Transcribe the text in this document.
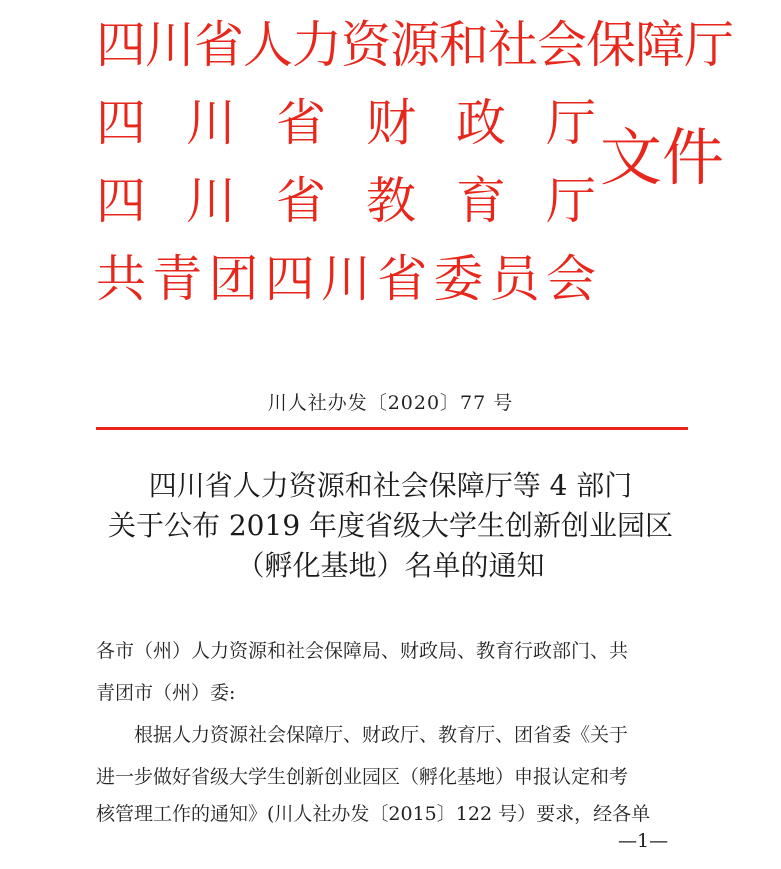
四川省人力资源和社会保障厅
四 川 省 财 政 厅
四 川 省 教 育 厅
共 青 团 四 川 省 委 员 会
文件
川人社办发〔2020〕77 号
四川省人力资源和社会保障厅等 4 部门
关于公布 2019 年度省级大学生创新创业园区
（孵化基地）名单的通知
各市（州）人力资源和社会保障局、财政局、教育行政部门、共
青团市（州）委:
根据人力资源社会保障厅、财政厅、教育厅、团省委《关于
进一步做好省级大学生创新创业园区（孵化基地）申报认定和考
核管理工作的通知》(川人社办发〔2015〕122 号）要求，经各单
—1—
